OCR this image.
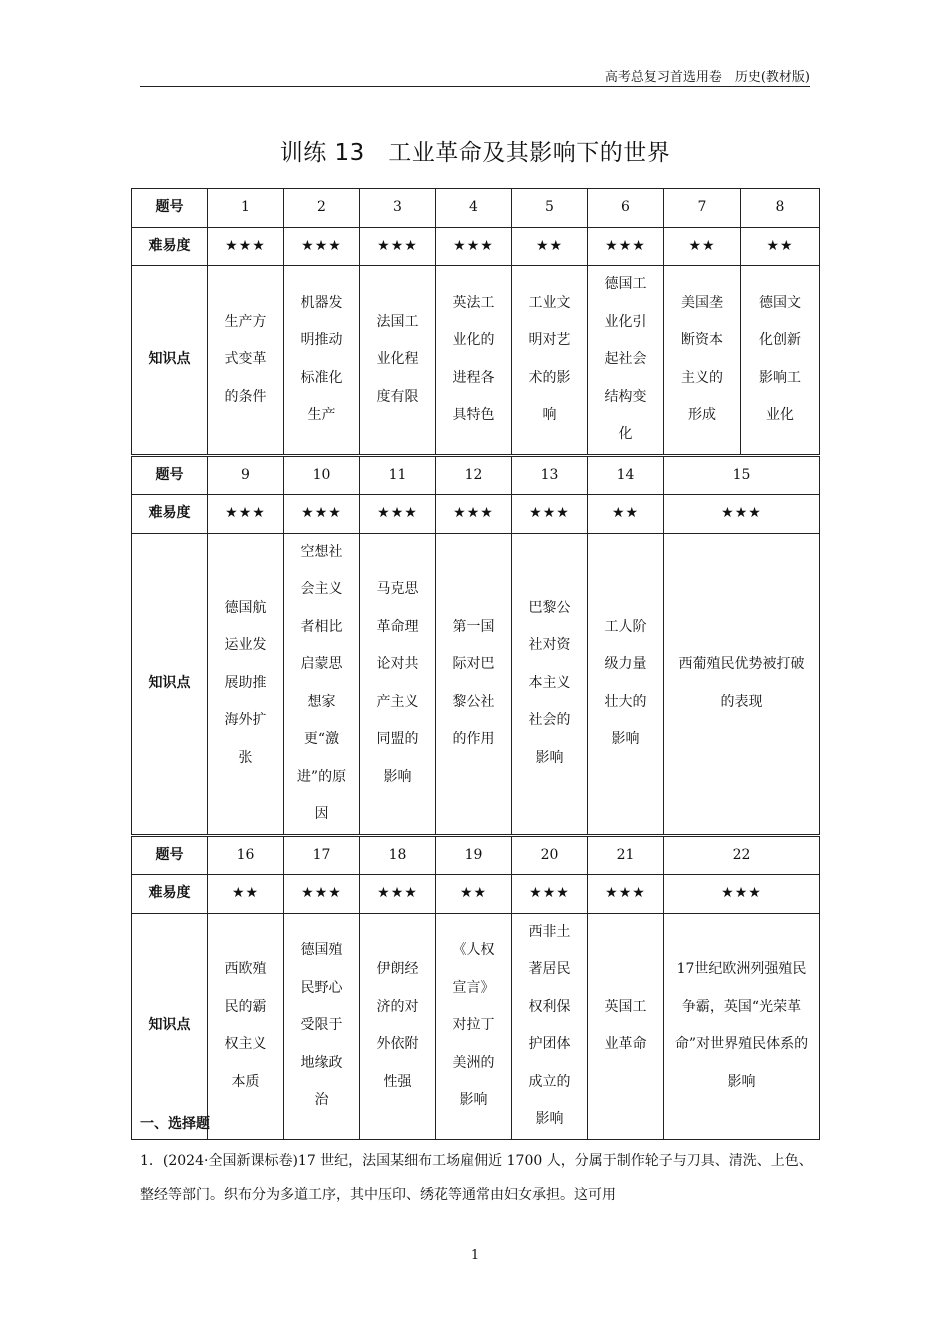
高考总复习首选用卷　历史(教材版)
训练 13　工业革命及其影响下的世界
题号	1	2	3	4	5	6	7	8
难易度	★★★	★★★	★★★	★★★	★★	★★★	★★	★★
知识点	生产方式变革的条件	机器发明推动标准化生产	法国工业化程度有限	英法工业化的进程各具特色	工业文明对艺术的影响	德国工业化引起社会结构变化	美国垄断资本主义的形成	德国文化创新影响工业化
题号	9	10	11	12	13	14	15	
难易度	★★★	★★★	★★★	★★★	★★★	★★	★★★	
知识点	德国航运业发展助推海外扩张	空想社会主义者相比启蒙思想家更“激进”的原因	马克思革命理论对共产主义同盟的影响	第一国际对巴黎公社的作用	巴黎公社对资本主义社会的影响	工人阶级力量壮大的影响	西葡殖民优势被打破的表现	
题号	16	17	18	19	20	21	22	
难易度	★★	★★★	★★★	★★	★★★	★★★	★★★	
知识点	西欧殖民的霸权主义本质	德国殖民野心受限于地缘政治	伊朗经济的对外依附性强	《人权宣言》对拉丁美洲的影响	西非土著居民权利保护团体成立的影响	英国工业革命	17世纪欧洲列强殖民争霸，英国“光荣革命”对世界殖民体系的影响	
一、选择题
1．(2024·全国新课标卷)17 世纪，法国某细布工场雇佣近 1700 人，分属于制作轮子与刀具、清洗、上色、整经等部门。织布分为多道工序，其中压印、绣花等通常由妇女承担。这可用
1
